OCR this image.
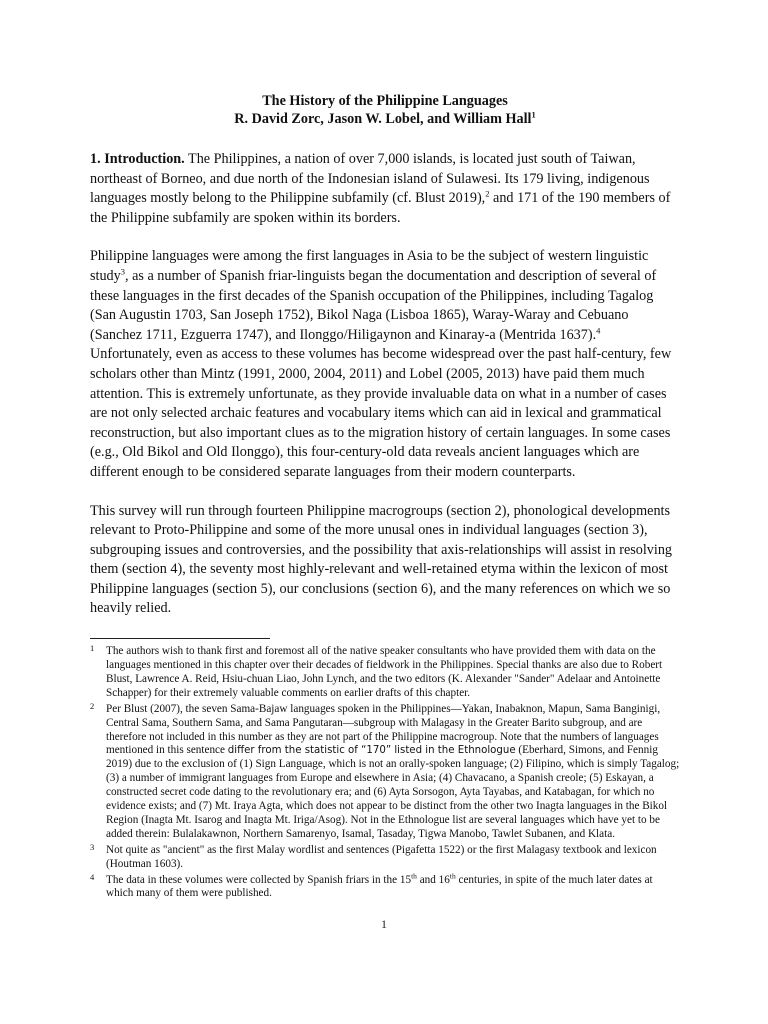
The History of the Philippine Languages

R. David Zorc, Jason W. Lobel, and William Hall$^1$

1. Introduction. The Philippines, a nation of over 7,000 islands, is located just south of Taiwan, northeast of Borneo, and due north of the Indonesian island of Sulawesi. Its 179 living, indigenous languages mostly belong to the Philippine subfamily (cf. Blust 2019),$^2$ and 171 of the 190 members of the Philippine subfamily are spoken within its borders.

Philippine languages were among the first languages in Asia to be the subject of western linguistic study$^3$, as a number of Spanish friar-linguists began the documentation and description of several of these languages in the first decades of the Spanish occupation of the Philippines, including Tagalog (San Augustin 1703, San Joseph 1752), Bikol Naga (Lisboa 1865), Waray-Waray and Cebuano (Sanchez 1711, Ezguerra 1747), and Ilonggo/Hiligaynon and Kinaray-a (Mentrida 1637).$^4$ Unfortunately, even as access to these volumes has become widespread over the past half-century, few scholars other than Mintz (1991, 2000, 2004, 2011) and Lobel (2005, 2013) have paid them much attention. This is extremely unfortunate, as they provide invaluable data on what in a number of cases are not only selected archaic features and vocabulary items which can aid in lexical and grammatical reconstruction, but also important clues as to the migration history of certain languages. In some cases (e.g., Old Bikol and Old Ilonggo), this four-century-old data reveals ancient languages which are different enough to be considered separate languages from their modern counterparts.

This survey will run through fourteen Philippine macrogroups (section 2), phonological developments relevant to Proto-Philippine and some of the more unusal ones in individual languages (section 3), subgrouping issues and controversies, and the possibility that axis-relationships will assist in resolving them (section 4), the seventy most highly-relevant and well-retained etyma within the lexicon of most Philippine languages (section 5), our conclusions (section 6), and the many references on which we so heavily relied.

1	The authors wish to thank first and foremost all of the native speaker consultants who have provided them with data on the languages mentioned in this chapter over their decades of fieldwork in the Philippines. Special thanks are also due to Robert Blust, Lawrence A. Reid, Hsiu-chuan Liao, John Lynch, and the two editors (K. Alexander "Sander" Adelaar and Antoinette Schapper) for their extremely valuable comments on earlier drafts of this chapter.
2	Per Blust (2007), the seven Sama-Bajaw languages spoken in the Philippines—Yakan, Inabaknon, Mapun, Sama Banginigi, Central Sama, Southern Sama, and Sama Pangutaran—subgroup with Malagasy in the Greater Barito subgroup, and are therefore not included in this number as they are not part of the Philippine macrogroup. Note that the numbers of languages mentioned in this sentence differ from the statistic of “170” listed in the Ethnologue (Eberhard, Simons, and Fennig 2019) due to the exclusion of (1) Sign Language, which is not an orally-spoken language; (2) Filipino, which is simply Tagalog; (3) a number of immigrant languages from Europe and elsewhere in Asia; (4) Chavacano, a Spanish creole; (5) Eskayan, a constructed secret code dating to the revolutionary era; and (6) Ayta Sorsogon, Ayta Tayabas, and Katabagan, for which no evidence exists; and (7) Mt. Iraya Agta, which does not appear to be distinct from the other two Inagta languages in the Bikol Region (Inagta Mt. Isarog and Inagta Mt. Iriga/Asog). Not in the Ethnologue list are several languages which have yet to be added therein: Bulalakawnon, Northern Samarenyo, Isamal, Tasaday, Tigwa Manobo, Tawlet Subanen, and Klata.
3	Not quite as "ancient" as the first Malay wordlist and sentences (Pigafetta 1522) or the first Malagasy textbook and lexicon (Houtman 1603).
4	The data in these volumes were collected by Spanish friars in the 15th and 16th centuries, in spite of the much later dates at which many of them were published.
1
